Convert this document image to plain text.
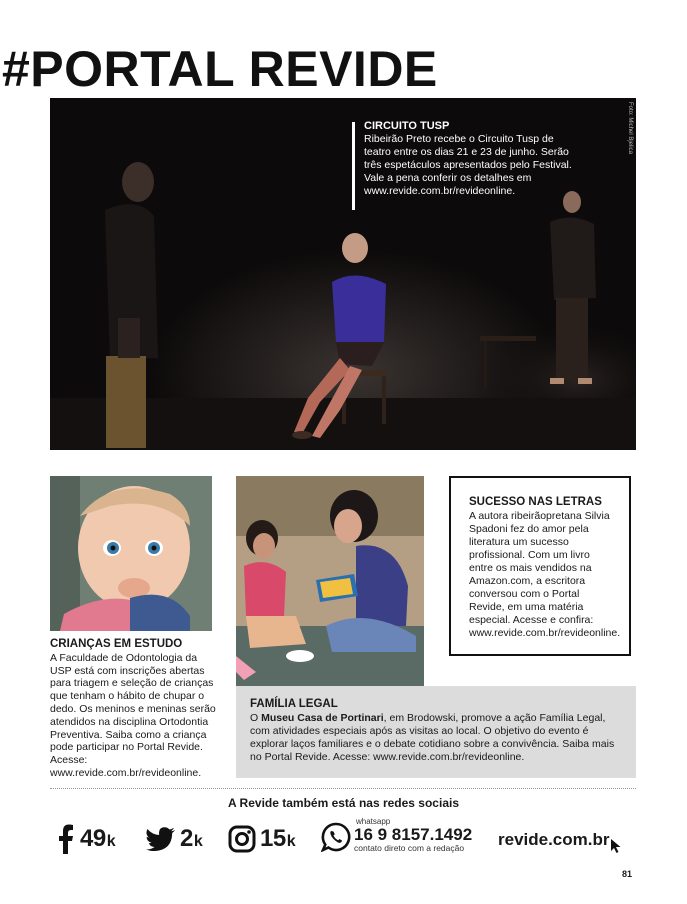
#PORTAL REVIDE
Foto: Michel Bjelica
CIRCUITO TUSP
Ribeirão Preto recebe o Circuito Tusp de teatro entre os dias 21 e 23 de junho. Serão três espetáculos apresentados pelo Festival. Vale a pena conferir os detalhes em www.revide.com.br/revideonline.
SUCESSO NAS LETRAS
A autora ribeirãopretana Silvia Spadoni fez do amor pela literatura um sucesso profissional. Com um livro entre os mais vendidos na Amazon.com, a escritora conversou com o Portal Revide, em uma matéria especial. Acesse e confira: www.revide.com.br/revideonline.
CRIANÇAS EM ESTUDO
A Faculdade de Odontologia da USP está com inscrições abertas para triagem e seleção de crianças que tenham o hábito de chupar o dedo. Os meninos e meninas serão atendidos na disciplina Ortodontia Preventiva. Saiba como a criança pode participar no Portal Revide. Acesse: www.revide.com.br/revideonline.
FAMÍLIA LEGAL
O Museu Casa de Portinari, em Brodowski, promove a ação Família Legal, com atividades especiais após as visitas ao local. O objetivo do evento é explorar laços familiares e o debate cotidiano sobre a convivência. Saiba mais no Portal Revide. Acesse: www.revide.com.br/revideonline.
A Revide também está nas redes sociais
49 k	2 k 15 k
whatsapp
16 9 8157.1492
contato direto com a redação revide.com.br
81
